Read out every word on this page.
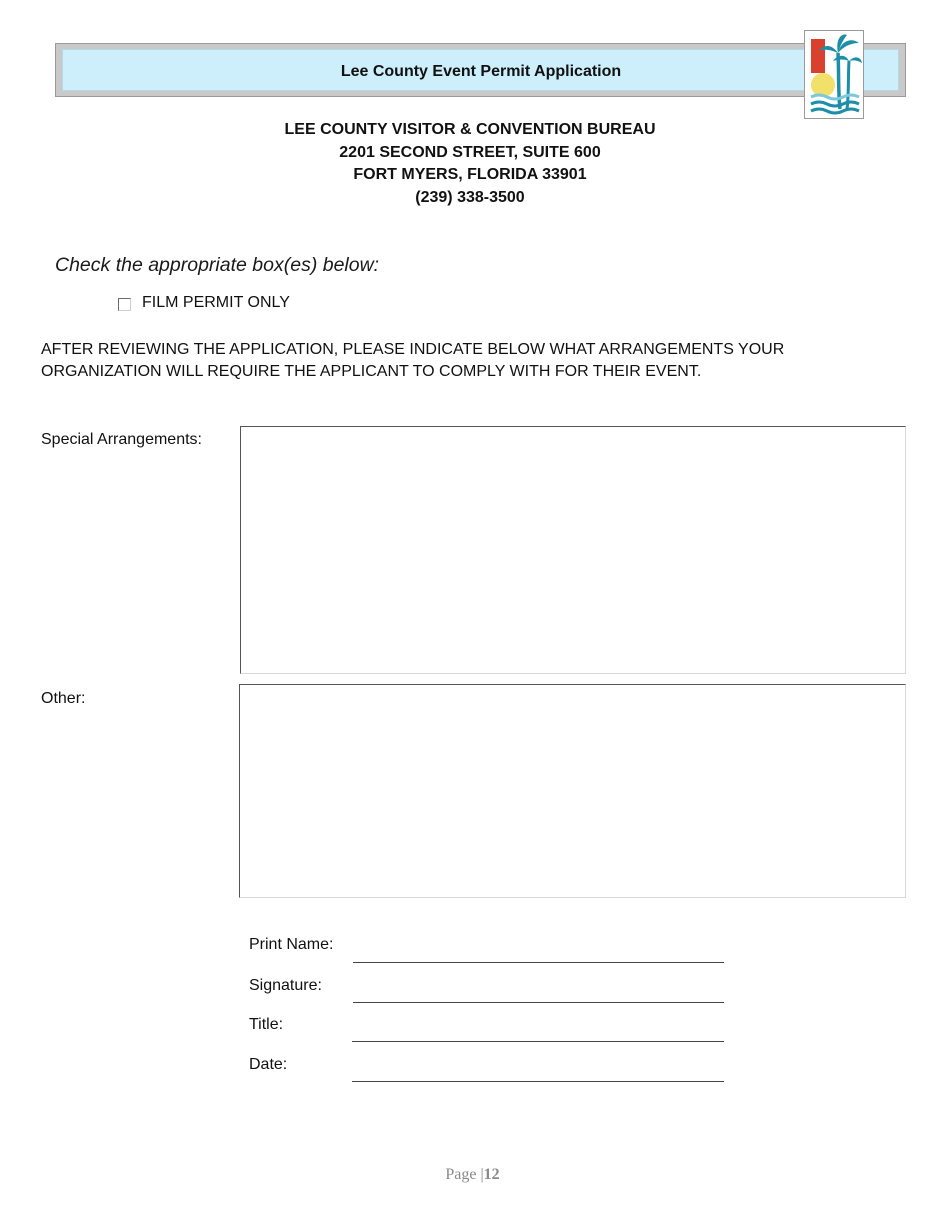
Lee County Event Permit Application
LEE COUNTY VISITOR & CONVENTION BUREAU
2201 SECOND STREET, SUITE 600
FORT MYERS, FLORIDA 33901
(239) 338-3500
Check the appropriate box(es) below:
FILM PERMIT ONLY
AFTER REVIEWING THE APPLICATION, PLEASE INDICATE BELOW WHAT ARRANGEMENTS YOUR ORGANIZATION WILL REQUIRE THE APPLICANT TO COMPLY WITH FOR THEIR EVENT.
Special Arrangements:
Other:
Print Name:
Signature:
Title:
Date:
Page |12
